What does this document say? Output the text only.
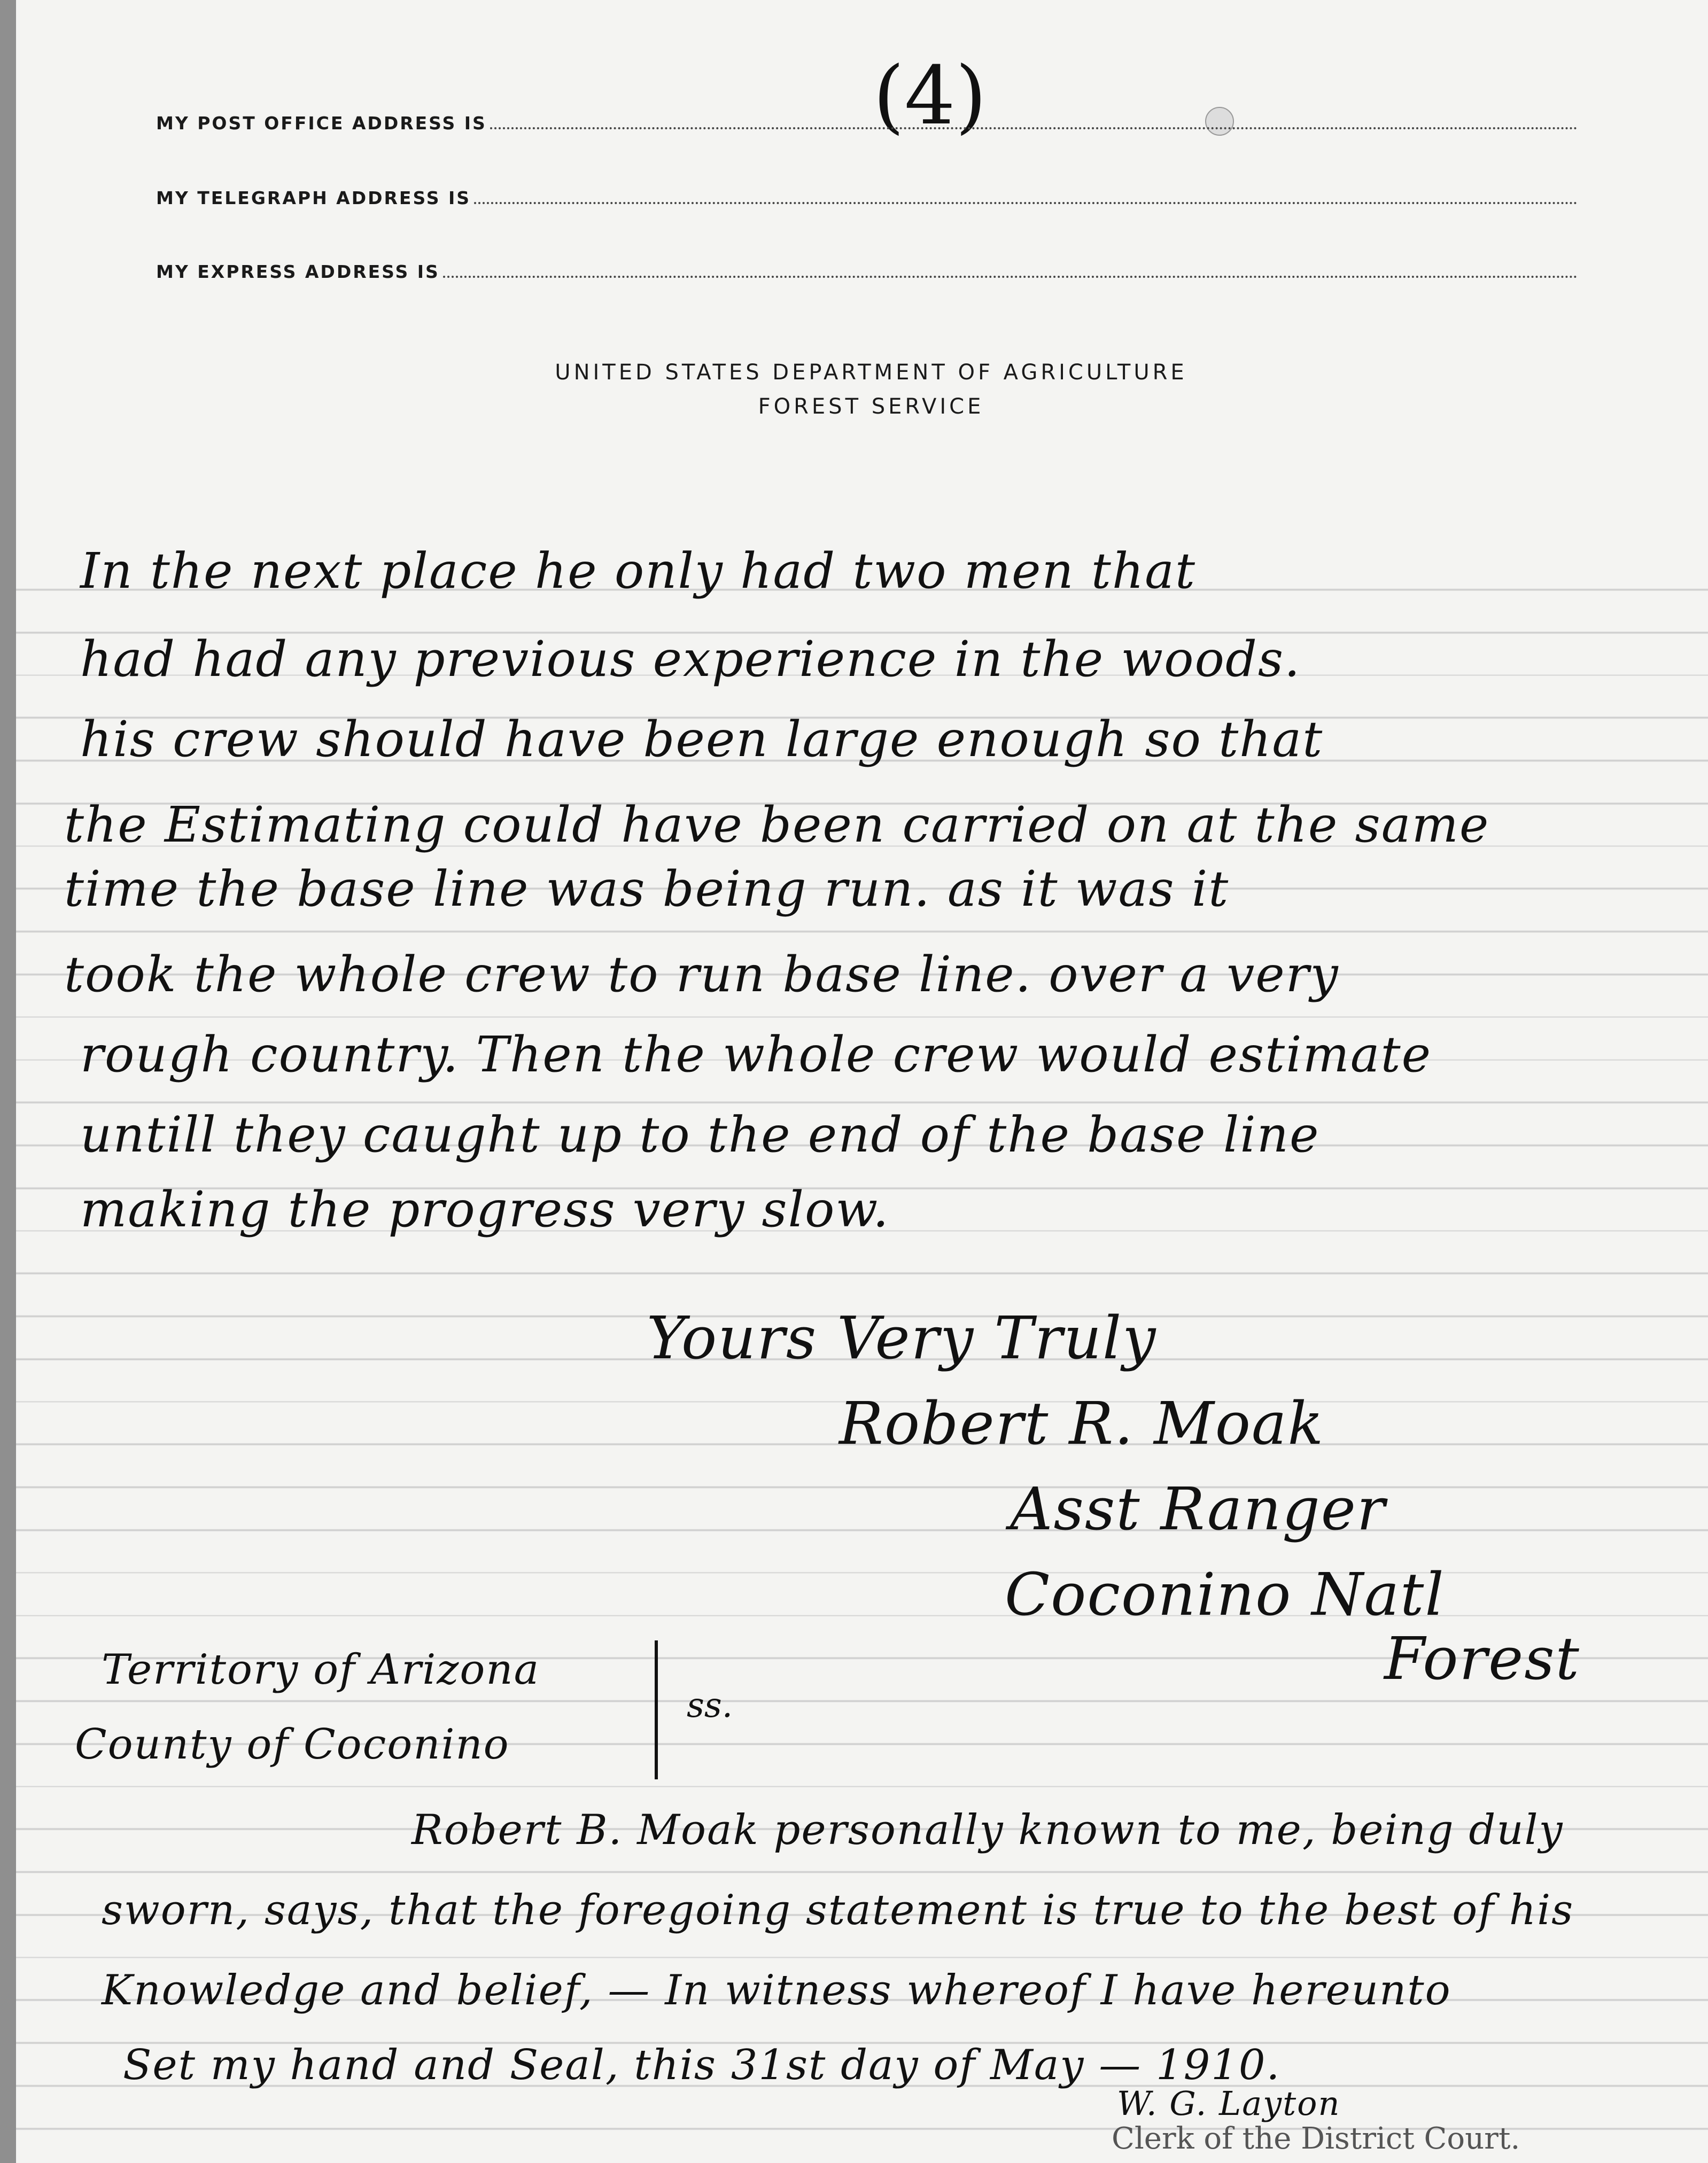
(4)
MY POST OFFICE ADDRESS IS
MY TELEGRAPH ADDRESS IS
MY EXPRESS ADDRESS IS
UNITED STATES DEPARTMENT OF AGRICULTURE
FOREST SERVICE
In the next place he only had two men that
had had any previous experience in the woods.
his crew should have been large enough so that
the Estimating could have been carried on at the same
time the base line was being run. as it was it
took the whole crew to run base line. over a very
rough country. Then the whole crew would estimate
untill they caught up to the end of the base line
making the progress very slow.
Yours Very Truly
Robert R. Moak
Asst Ranger
Coconino Natl
Forest
Territory of Arizona
County of Coconino
ss.
Robert B. Moak personally known to me, being duly
sworn, says, that the foregoing statement is true to the best of his
Knowledge and belief, — In witness whereof I have hereunto
Set my hand and Seal, this 31st day of May — 1910.
W. G. Layton
Clerk of the District Court.
